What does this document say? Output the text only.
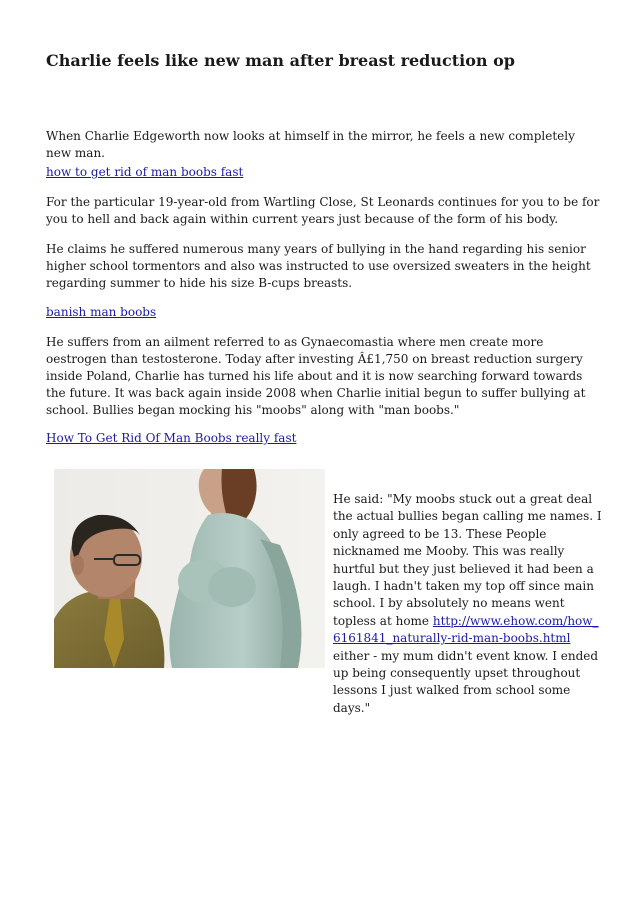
Charlie feels like new man after breast reduction op

When Charlie Edgeworth now looks at himself in the mirror, he feels a new completely new man.

how to get rid of man boobs fast

For the particular 19-year-old from Wartling Close, St Leonards continues for you to be for you to hell and back again within current years just because of the form of his body.

He claims he suffered numerous many years of bullying in the hand regarding his senior higher school tormentors and also was instructed to use oversized sweaters in the height regarding summer to hide his size B-cups breasts.

banish man boobs

He suffers from an ailment referred to as Gynaecomastia where men create more oestrogen than testosterone. Today after investing Â£1,750 on breast reduction surgery inside Poland, Charlie has turned his life about and it is now searching forward towards the future. It was back again inside 2008 when Charlie initial begun to suffer bullying at school. Bullies began mocking his "moobs" along with "man boobs."

How To Get Rid Of Man Boobs really fast

He said: "My moobs stuck out a great deal the actual bullies began calling me names. I only agreed to be 13. These People nicknamed me Mooby. This was really hurtful but they just believed it had been a laugh. I hadn't taken my top off since main school. I by absolutely no means went topless at home http://www.ehow.com/how_6161841_naturally-rid-man-boobs.html either - my mum didn't event know. I ended up being consequently upset throughout lessons I just walked from school some days."
